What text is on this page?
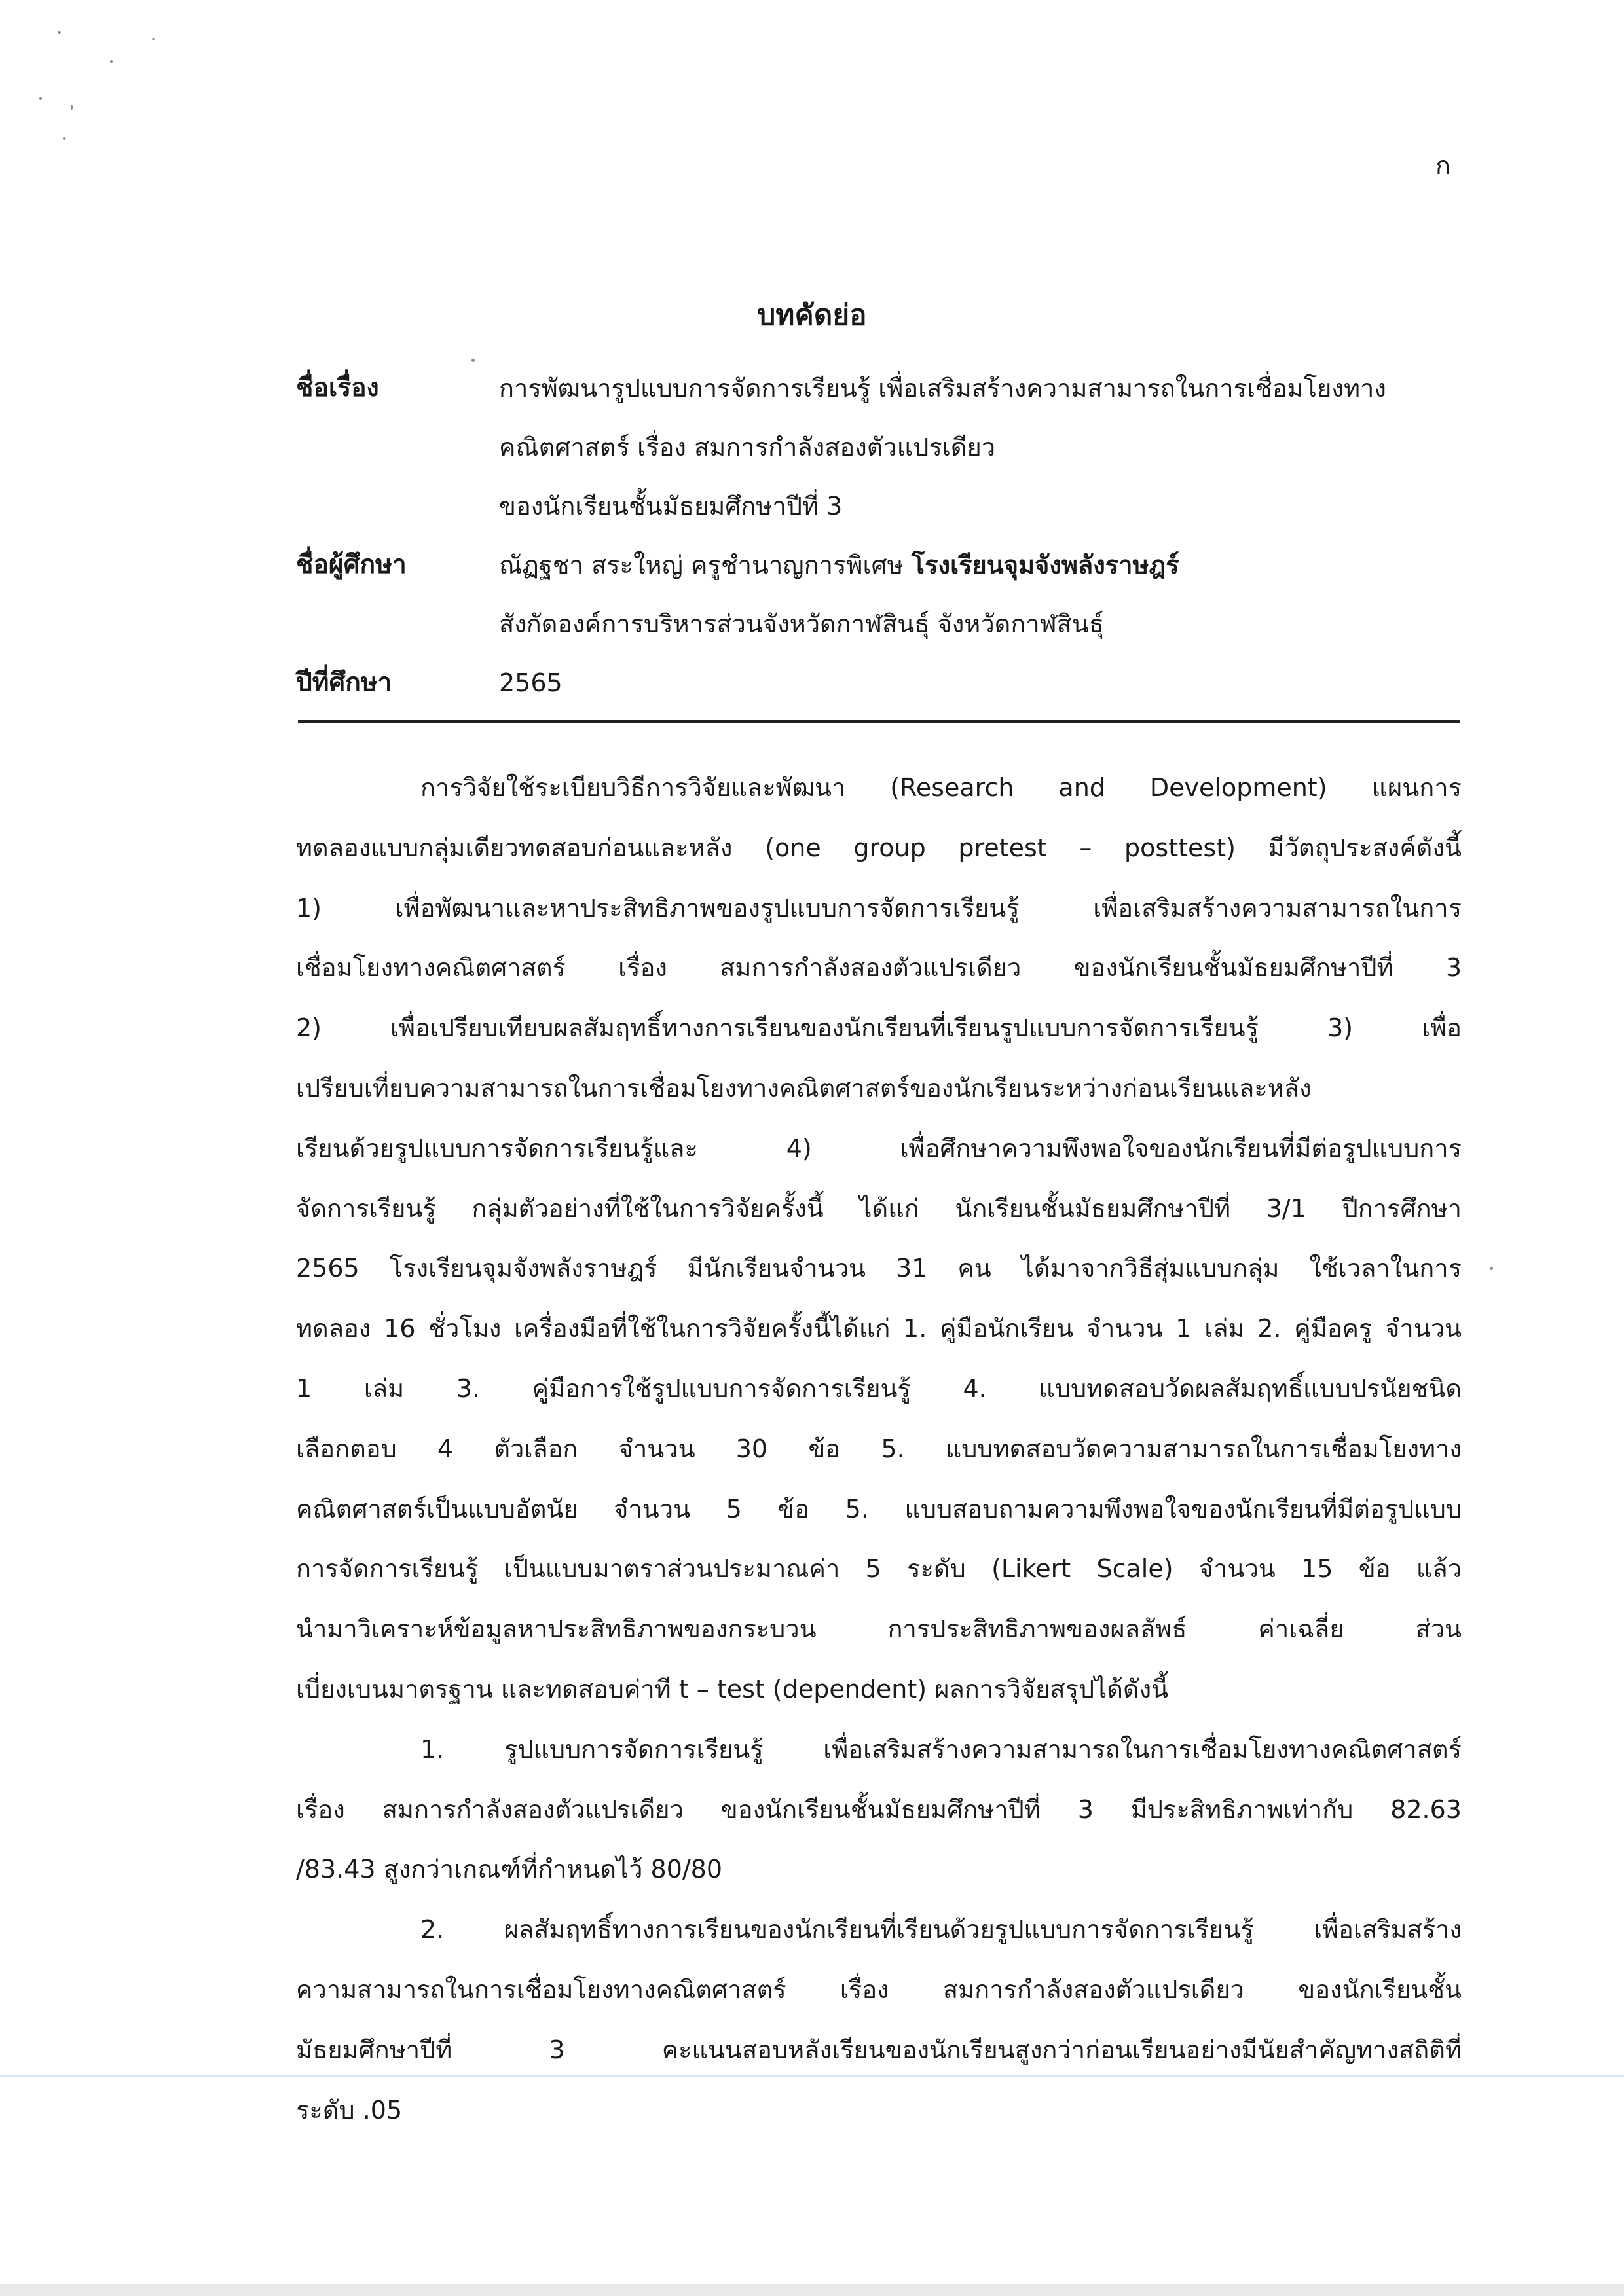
ก
บทคัดย่อ
ชื่อเรื่อง	การพัฒนารูปแบบการจัดการเรียนรู้ เพื่อเสริมสร้างความสามารถในการเชื่อมโยงทาง
คณิตศาสตร์ เรื่อง สมการกำลังสองตัวแปรเดียว
ของนักเรียนชั้นมัธยมศึกษาปีที่ 3
ชื่อผู้ศึกษา	ณัฏฐชา สระใหญ่ ครูชำนาญการพิเศษ โรงเรียนจุมจังพลังราษฎร์
สังกัดองค์การบริหารส่วนจังหวัดกาฬสินธุ์ จังหวัดกาฬสินธุ์
ปีที่ศึกษา	2565
การวิจัยใช้ระเบียบวิธีการวิจัยและพัฒนา (Research and Development) แผนการ
ทดลองแบบกลุ่มเดียวทดสอบก่อนและหลัง (one group pretest – posttest) มีวัตถุประสงค์ดังนี้
1) เพื่อพัฒนาและหาประสิทธิภาพของรูปแบบการจัดการเรียนรู้ เพื่อเสริมสร้างความสามารถในการ
เชื่อมโยงทางคณิตศาสตร์ เรื่อง สมการกำลังสองตัวแปรเดียว ของนักเรียนชั้นมัธยมศึกษาปีที่ 3
2) เพื่อเปรียบเทียบผลสัมฤทธิ์ทางการเรียนของนักเรียนที่เรียนรูปแบบการจัดการเรียนรู้ 3) เพื่อ
เปรียบเที่ยบความสามารถในการเชื่อมโยงทางคณิตศาสตร์ของนักเรียนระหว่างก่อนเรียนและหลัง
เรียนด้วยรูปแบบการจัดการเรียนรู้และ 4) เพื่อศึกษาความพึงพอใจของนักเรียนที่มีต่อรูปแบบการ
จัดการเรียนรู้ กลุ่มตัวอย่างที่ใช้ในการวิจัยครั้งนี้ ได้แก่ นักเรียนชั้นมัธยมศึกษาปีที่ 3/1 ปีการศึกษา
2565 โรงเรียนจุมจังพลังราษฎร์ มีนักเรียนจำนวน 31 คน ได้มาจากวิธีสุ่มแบบกลุ่ม ใช้เวลาในการ
ทดลอง 16 ชั่วโมง เครื่องมือที่ใช้ในการวิจัยครั้งนี้ได้แก่ 1. คู่มือนักเรียน จำนวน 1 เล่ม 2. คู่มือครู จำนวน
1 เล่ม 3. คู่มือการใช้รูปแบบการจัดการเรียนรู้ 4. แบบทดสอบวัดผลสัมฤทธิ์แบบปรนัยชนิด
เลือกตอบ 4 ตัวเลือก จำนวน 30 ข้อ 5. แบบทดสอบวัดความสามารถในการเชื่อมโยงทาง
คณิตศาสตร์เป็นแบบอัตนัย จำนวน 5 ข้อ 5. แบบสอบถามความพึงพอใจของนักเรียนที่มีต่อรูปแบบ
การจัดการเรียนรู้ เป็นแบบมาตราส่วนประมาณค่า 5 ระดับ (Likert Scale) จำนวน 15 ข้อ แล้ว
นำมาวิเคราะห์ข้อมูลหาประสิทธิภาพของกระบวน การประสิทธิภาพของผลลัพธ์ ค่าเฉลี่ย ส่วน
เบี่ยงเบนมาตรฐาน และทดสอบค่าที t – test (dependent) ผลการวิจัยสรุปได้ดังนี้
1. รูปแบบการจัดการเรียนรู้ เพื่อเสริมสร้างความสามารถในการเชื่อมโยงทางคณิตศาสตร์
เรื่อง สมการกำลังสองตัวแปรเดียว ของนักเรียนชั้นมัธยมศึกษาปีที่ 3 มีประสิทธิภาพเท่ากับ 82.63
/83.43 สูงกว่าเกณฑ์ที่กำหนดไว้ 80/80
2. ผลสัมฤทธิ์ทางการเรียนของนักเรียนที่เรียนด้วยรูปแบบการจัดการเรียนรู้ เพื่อเสริมสร้าง
ความสามารถในการเชื่อมโยงทางคณิตศาสตร์ เรื่อง สมการกำลังสองตัวแปรเดียว ของนักเรียนชั้น
มัธยมศึกษาปีที่ 3 คะแนนสอบหลังเรียนของนักเรียนสูงกว่าก่อนเรียนอย่างมีนัยสำคัญทางสถิติที่
ระดับ .05
